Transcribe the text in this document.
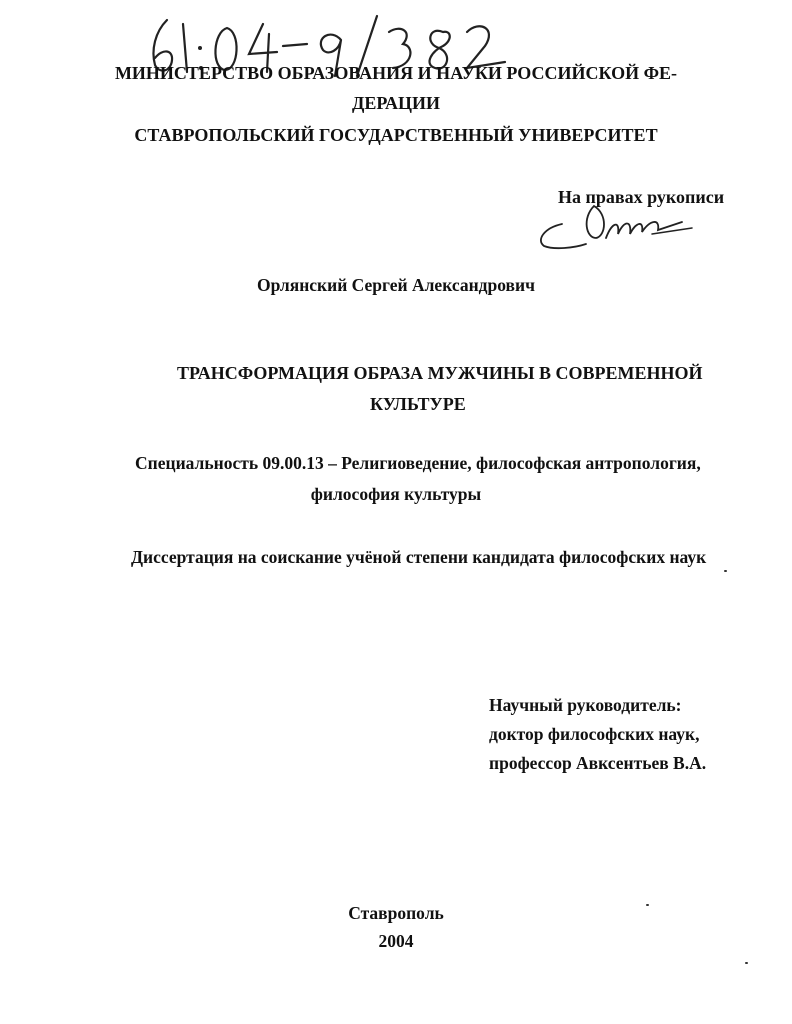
МИНИСТЕРСТВО ОБРАЗОВАНИЯ И НАУКИ РОССИЙСКОЙ ФЕ-
ДЕРАЦИИ
СТАВРОПОЛЬСКИЙ ГОСУДАРСТВЕННЫЙ УНИВЕРСИТЕТ
На правах рукописи
Орлянский Сергей Александрович
ТРАНСФОРМАЦИЯ ОБРАЗА МУЖЧИНЫ В СОВРЕМЕННОЙ
КУЛЬТУРЕ
Специальность 09.00.13 – Религиоведение, философская антропология,
философия культуры
Диссертация на соискание учёной степени кандидата философских наук
Научный руководитель:
доктор философских наук,
профессор Авксентьев В.А.
Ставрополь
2004
